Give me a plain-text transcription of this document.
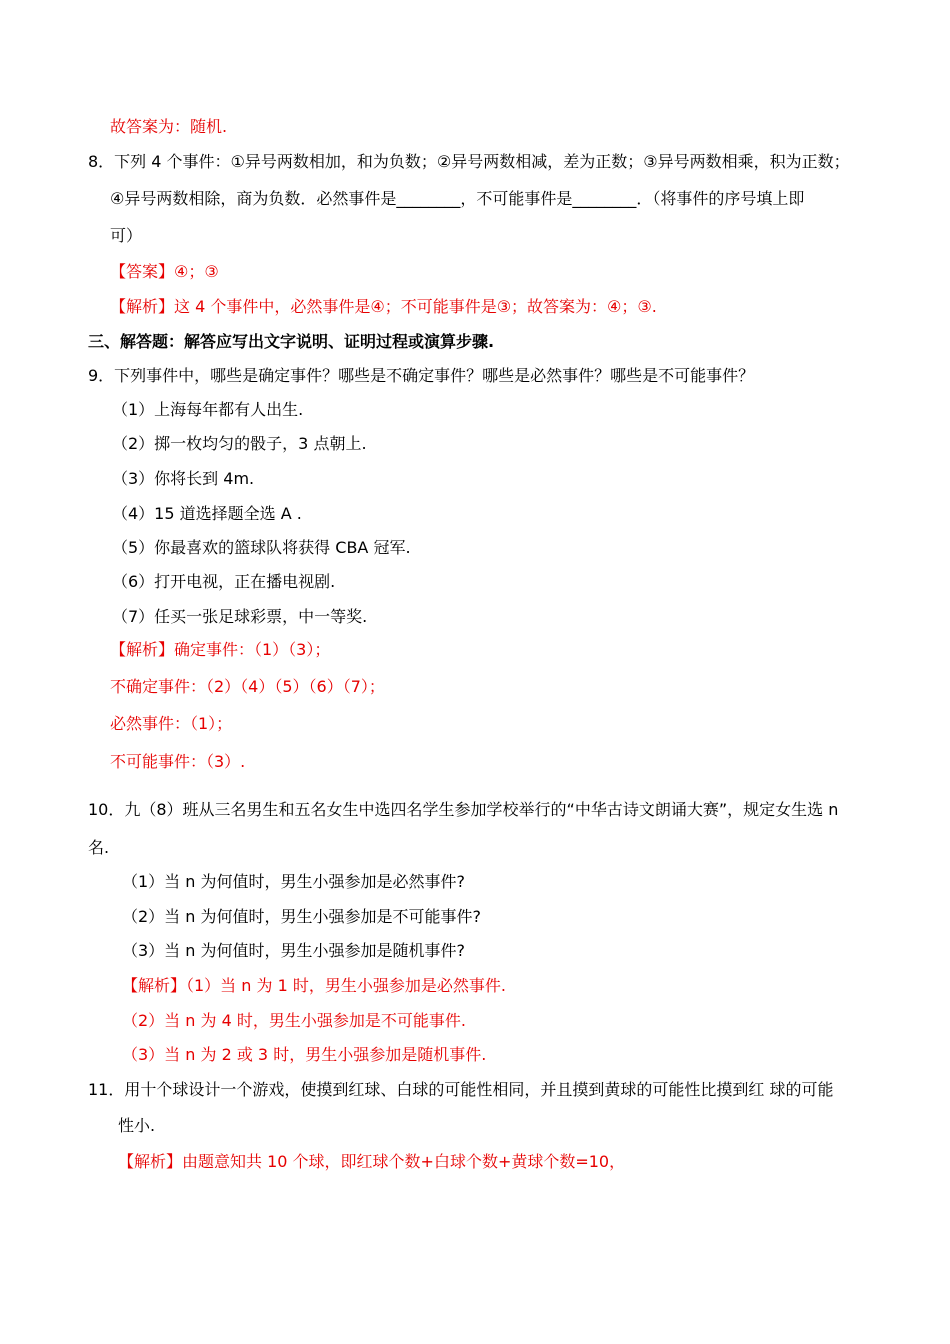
故答案为：随机.
8．下列 4 个事件：①异号两数相加，和为负数；②异号两数相减，差为正数；③异号两数相乘，积为正数；
④异号两数相除，商为负数．必然事件是________，不可能事件是________．（将事件的序号填上即
可）
【答案】④；③
【解析】这 4 个事件中，必然事件是④；不可能事件是③；故答案为：④；③.
三、解答题：解答应写出文字说明、证明过程或演算步骤.
9．下列事件中，哪些是确定事件？哪些是不确定事件？哪些是必然事件？哪些是不可能事件？
（1）上海每年都有人出生.
（2）掷一枚均匀的骰子，3 点朝上.
（3）你将长到 4m.
（4）15 道选择题全选 A .
（5）你最喜欢的篮球队将获得 CBA 冠军.
（6）打开电视，正在播电视剧.
（7）任买一张足球彩票，中一等奖.
【解析】确定事件：（1）（3）；
不确定事件：（2）（4）（5）（6）（7）；
必然事件：（1）；
不可能事件：（3）.
10．九（8）班从三名男生和五名女生中选四名学生参加学校举行的“中华古诗文朗诵大赛”，规定女生选 n
名.
（1）当 n 为何值时，男生小强参加是必然事件?
（2）当 n 为何值时，男生小强参加是不可能事件?
（3）当 n 为何值时，男生小强参加是随机事件?
【解析】（1）当 n 为 1 时，男生小强参加是必然事件.
（2）当 n 为 4 时，男生小强参加是不可能事件.
（3）当 n 为 2 或 3 时，男生小强参加是随机事件.
11．用十个球设计一个游戏，使摸到红球、白球的可能性相同，并且摸到黄球的可能性比摸到红 球的可能
性小.
【解析】由题意知共 10 个球，即红球个数+白球个数+黄球个数=10，
